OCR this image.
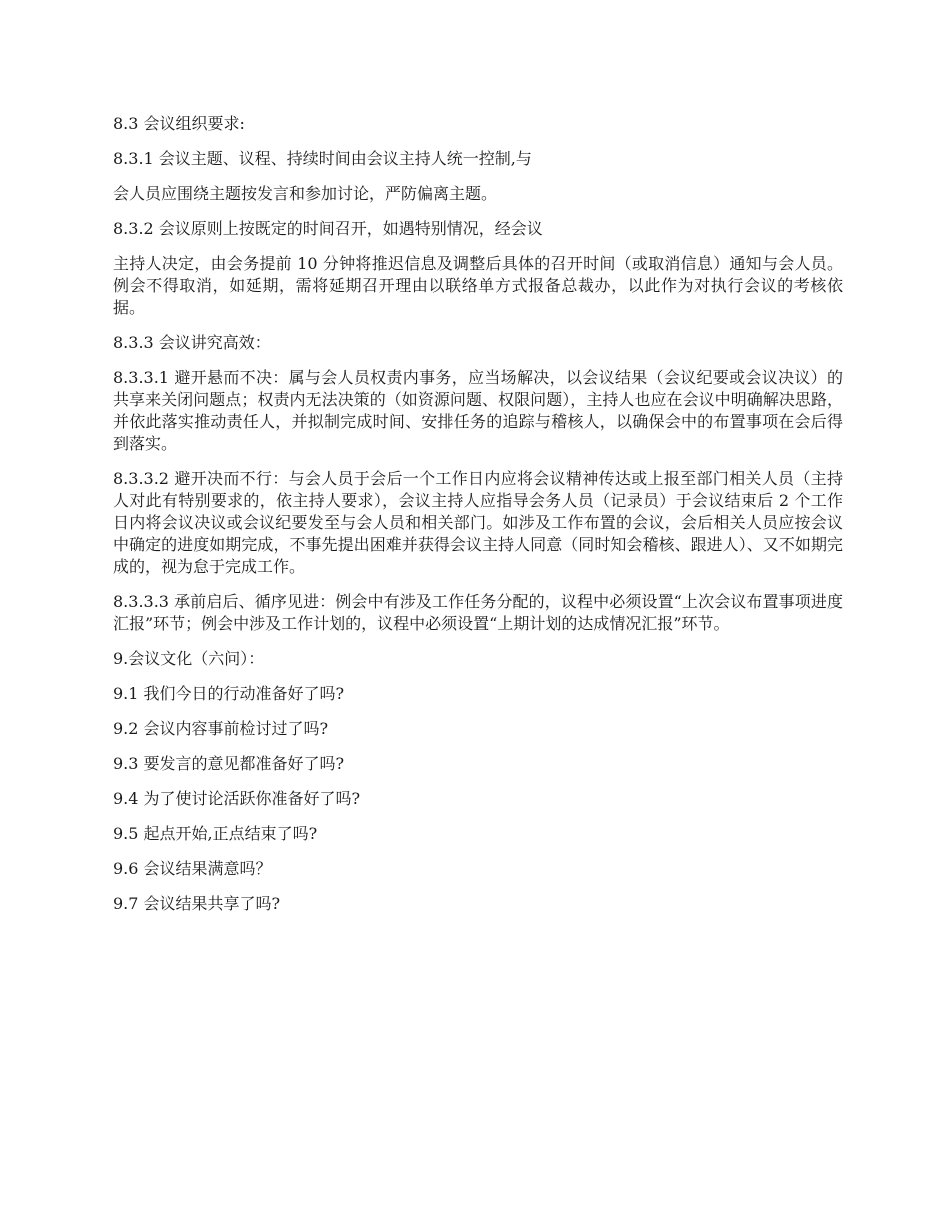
8.3 会议组织要求:

8.3.1 会议主题、议程、持续时间由会议主持人统一控制,与

会人员应围绕主题按发言和参加讨论，严防偏离主题。

8.3.2 会议原则上按既定的时间召开，如遇特别情况，经会议

主持人决定，由会务提前 10 分钟将推迟信息及调整后具体的召开时间（或取消信息）通知与会人员。例会不得取消，如延期，需将延期召开理由以联络单方式报备总裁办，以此作为对执行会议的考核依据。

8.3.3 会议讲究高效：

8.3.3.1 避开悬而不决：属与会人员权责内事务，应当场解决，以会议结果（会议纪要或会议决议）的共享来关闭问题点；权责内无法决策的（如资源问题、权限问题），主持人也应在会议中明确解决思路，并依此落实推动责任人，并拟制完成时间、安排任务的追踪与稽核人，以确保会中的布置事项在会后得到落实。

8.3.3.2 避开决而不行：与会人员于会后一个工作日内应将会议精神传达或上报至部门相关人员（主持人对此有特别要求的，依主持人要求），会议主持人应指导会务人员（记录员）于会议结束后 2 个工作日内将会议决议或会议纪要发至与会人员和相关部门。如涉及工作布置的会议，会后相关人员应按会议中确定的进度如期完成，不事先提出困难并获得会议主持人同意（同时知会稽核、跟进人）、又不如期完成的，视为怠于完成工作。

8.3.3.3 承前启后、循序见进：例会中有涉及工作任务分配的，议程中必须设置“上次会议布置事项进度汇报”环节；例会中涉及工作计划的，议程中必须设置“上期计划的达成情况汇报”环节。

9.会议文化（六问）：

9.1 我们今日的行动准备好了吗?

9.2 会议内容事前检讨过了吗?

9.3 要发言的意见都准备好了吗?

9.4 为了使讨论活跃你准备好了吗?

9.5 起点开始,正点结束了吗?

9.6 会议结果满意吗？

9.7 会议结果共享了吗?
